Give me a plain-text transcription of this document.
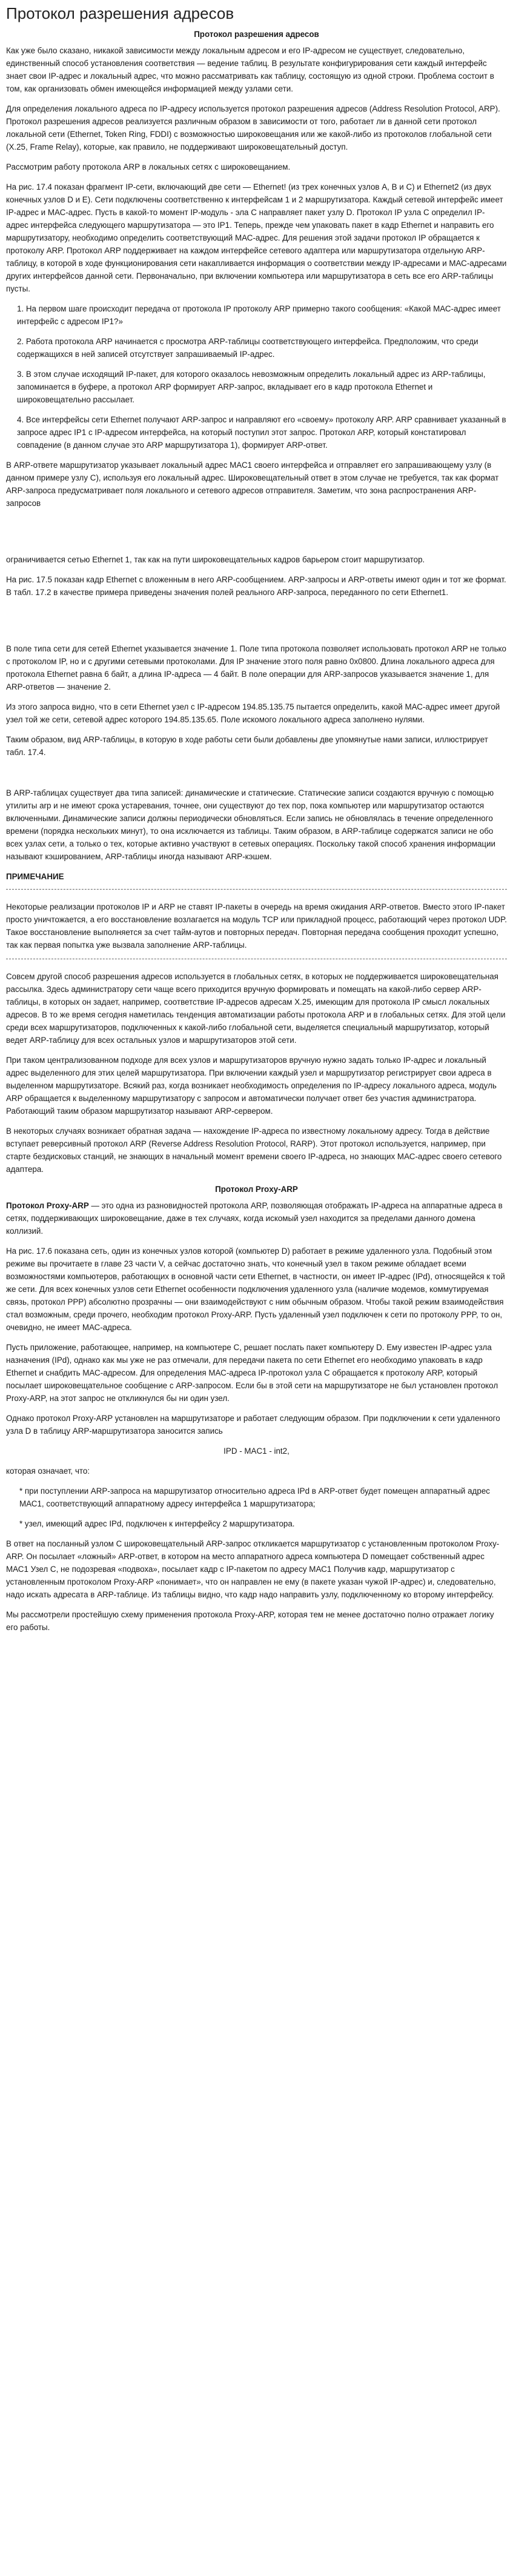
Протокол разрешения адресов
Протокол разрешения адресов

Как уже было сказано, никакой зависимости между локальным адресом и его IP-адресом не существует, следовательно, единственный способ установления соответствия — ведение таблиц. В результате конфигурирования сети каждый интерфейс знает свои IP-адрес и локальный адрес, что можно рассматривать как таблицу, состоящую из одной строки. Проблема состоит в том, как организовать обмен имеющейся информацией между узлами сети.

Для определения локального адреса по IP-адресу используется протокол разрешения адресов (Address Resolution Protocol, ARP). Протокол разрешения адресов реализуется различным образом в зависимости от того, работает ли в данной сети протокол локальной сети (Ethernet, Token Ring, FDDI) с возможностью широковещания или же какой-либо из протоколов глобальной сети (X.25, Frame Relay), которые, как правило, не поддерживают широковещательный доступ.

Рассмотрим работу протокола ARP в локальных сетях с широковещанием.

На рис. 17.4 показан фрагмент IP-сети, включающий две сети — Ethernet! (из трех конечных узлов А, В и С) и Ethernet2 (из двух конечных узлов D и Е). Сети подключены соответственно к интерфейсам 1 и 2 маршрутизатора. Каждый сетевой интерфейс имеет IP-адрес и МАС-адрес. Пусть в какой-то момент IP-модуль - эла С направляет пакет узлу D. Протокол IP узла С определил IP-адрес интерфейса следующего маршрутизатора — это IP1. Теперь, прежде чем упаковать пакет в кадр Ethernet и направить его маршрутизатору, необходимо определить соответствующий МАС-адрес. Для решения этой задачи протокол IP обращается к протоколу ARP. Протокол ARP поддерживает на каждом интерфейсе сетевого адаптера или маршрутизатора отдельную ARP-таблицу, в которой в ходе функционирования сети накапливается информация о соответствии между IP-адресами и МАС-адресами других интерфейсов данной сети. Первоначально, при включении компьютера или маршрутизатора в сеть все его ARP-таблицы пусты.

1. На первом шаге происходит передача от протокола IP протоколу ARP примерно такого сообщения: «Какой МАС-адрес имеет интерфейс с адресом IP1?»

2. Работа протокола ARP начинается с просмотра ARP-таблицы соответствующего интерфейса. Предположим, что среди содержащихся в ней записей отсутствует запрашиваемый IP-адрес.

3. В этом случае исходящий IP-пакет, для которого оказалось невозможным определить локальный адрес из ARP-таблицы, запоминается в буфере, а протокол ARP формирует ARP-запрос, вкладывает его в кадр протокола Ethernet и широковещательно рассылает.

4. Все интерфейсы сети Ethernet получают ARP-запрос и направляют его «своему» протоколу ARP. ARP сравнивает указанный в запросе адрес IP1 с IP-адресом интерфейса, на который поступил этот запрос. Протокол ARP, который констатировал совпадение (в данном случае это ARP маршрутизатора 1), формирует ARP-ответ.

В ARP-ответе маршрутизатор указывает локальный адрес МАС1 своего интерфейса и отправляет его запрашивающему узлу (в данном примере узлу С), используя его локальный адрес. Широковещательный ответ в этом случае не требуется, так как формат ARP-запроса предусматривает поля локального и сетевого адресов отправителя. Заметим, что зона распространения ARP-запросов

ограничивается сетью Ethernet 1, так как на пути широковещательных кадров барьером стоит маршрутизатор.

На рис. 17.5 показан кадр Ethernet с вложенным в него ARP-сообщением. ARP-запросы и ARP-ответы имеют один и тот же формат. В табл. 17.2 в качестве примера приведены значения полей реального ARP-запроса, переданного по сети Ethernet1.

В поле типа сети для сетей Ethernet указывается значение 1. Поле типа протокола позволяет использовать протокол ARP не только с протоколом IP, но и с другими сетевыми протоколами. Для IP значение этого поля равно 0x0800. Длина локального адреса для протокола Ethernet равна 6 байт, а длина IP-адреса — 4 байт. В поле операции для ARP-запросов указывается значение 1, для ARP-ответов — значение 2.

Из этого запроса видно, что в сети Ethernet узел с IP-адресом 194.85.135.75 пытается определить, какой МАС-адрес имеет другой узел той же сети, сетевой адрес которого 194.85.135.65. Поле искомого локального адреса заполнено нулями.

Таким образом, вид ARP-таблицы, в которую в ходе работы сети были добавлены две упомянутые нами записи, иллюстрирует табл. 17.4.

В ARP-таблицах существует два типа записей: динамические и статические. Статические записи создаются вручную с помощью утилиты arp и не имеют срока устаревания, точнее, они существуют до тех пор, пока компьютер или маршрутизатор остаются включенными. Динамические записи должны периодически обновляться. Если запись не обновлялась в течение определенного времени (порядка нескольких минут), то она исключается из таблицы. Таким образом, в ARP-таблице содержатся записи не обо всех узлах сети, а только о тех, которые активно участвуют в сетевых операциях. Поскольку такой способ хранения информации называют кэшированием, ARP-таблицы иногда называют ARP-кэшем.

ПРИМЕЧАНИЕ

Некоторые реализации протоколов IP и ARP не ставят IP-пакеты в очередь на время ожидания ARP-ответов. Вместо этого IP-пакет просто уничтожается, а его восстановление возлагается на модуль TCP или прикладной процесс, работающий через протокол UDP. Такое восстановление выполняется за счет тайм-аутов и повторных передач. Повторная передача сообщения проходит успешно, так как первая попытка уже вызвала заполнение ARP-таблицы.

Совсем другой способ разрешения адресов используется в глобальных сетях, в которых не поддерживается широковещательная рассылка. Здесь администратору сети чаще всего приходится вручную формировать и помещать на какой-либо сервер ARP-таблицы, в которых он задает, например, соответствие IP-адресов адресам Х.25, имеющим для протокола IP смысл локальных адресов. В то же время сегодня наметилась тенденция автоматизации работы протокола ARP и в глобальных сетях. Для этой цели среди всех маршрутизаторов, подключенных к какой-либо глобальной сети, выделяется специальный маршрутизатор, который ведет ARP-таблицу для всех остальных узлов и маршрутизаторов этой сети.

При таком централизованном подходе для всех узлов и маршрутизаторов вручную нужно задать только IP-адрес и локальный адрес выделенного для этих целей маршрутизатора. При включении каждый узел и маршрутизатор регистрирует свои адреса в выделенном маршрутизаторе. Всякий раз, когда возникает необходимость определения по IP-адресу локального адреса, модуль ARP обращается к выделенному маршрутизатору с запросом и автоматически получает ответ без участия администратора. Работающий таким образом маршрутизатор называют ARP-сервером.

В некоторых случаях возникает обратная задача — нахождение IP-адреса по известному локальному адресу. Тогда в действие вступает реверсивный протокол ARP (Reverse Address Resolution Protocol, RARP). Этот протокол используется, например, при старте бездисковых станций, не знающих в начальный момент времени своего IP-адреса, но знающих МАС-адрес своего сетевого адаптера.

Протокол Proxy-ARP

Протокол Proxy-ARP — это одна из разновидностей протокола ARP, позволяющая отображать IP-адреса на аппаратные адреса в сетях, поддерживающих широковещание, даже в тех случаях, когда искомый узел находится за пределами данного домена коллизий.

На рис. 17.6 показана сеть, один из конечных узлов которой (компьютер D) работает в режиме удаленного узла. Подобный этом режиме вы прочитаете в главе 23 части V, а сейчас достаточно знать, что конечный узел в таком режиме обладает всеми возможностями компьютеров, работающих в основной части сети Ethernet, в частности, он имеет IP-адрес (IPd), относящейся к той же сети. Для всех конечных узлов сети Ethernet особенности подключения удаленного узла (наличие модемов, коммутируемая связь, протокол РРР) абсолютно прозрачны — они взаимодействуют с ним обычным образом. Чтобы такой режим взаимодействия стал возможным, среди прочего, необходим протокол Proxy-ARP. Пусть удаленный узел подключен к сети по протоколу PPP, то он, очевидно, не имеет МАС-адреса.

Пусть приложение, работающее, например, на компьютере С, решает послать пакет компьютеру D. Ему известен IP-адрес узла назначения (IPd), однако как мы уже не раз отмечали, для передачи пакета по сети Ethernet его необходимо упаковать в кадр Ethernet и снабдить МАС-адресом. Для определения МАС-адреса IP-протокол узла С обращается к протоколу ARP, который посылает широковещательное сообщение с ARP-запросом. Если бы в этой сети на маршрутизаторе не был установлен протокол Proxy-ARP, на этот запрос не откликнулся бы ни один узел.

Однако протокол Proxy-ARP установлен на маршрутизаторе и работает следующим образом. При подключении к сети удаленного узла D в таблицу ARP-маршрутизатора заносится запись

IPD - MAC1 - int2,

которая означает, что:

* при поступлении ARP-запроса на маршрутизатор относительно адреса IPd в ARP-ответ будет помещен аппаратный адрес МАС1, соответствующий аппаратному адресу интерфейса 1 маршрутизатора;

* узел, имеющий адрес IPd, подключен к интерфейсу 2 маршрутизатора.

В ответ на посланный узлом С широковещательный ARP-запрос откликается маршрутизатор с установленным протоколом Proxy-ARP. Он посылает «ложный» ARP-ответ, в котором на место аппаратного адреса компьютера D помещает собственный адрес МАС1 Узел С, не подозревая «подвоха», посылает кадр с IP-пакетом по адресу МАС1 Получив кадр, маршрутизатор с установленным протоколом Proxy-ARP «понимает», что он направлен не ему (в пакете указан чужой IP-адрес) и, следовательно, надо искать адресата в ARP-таблице. Из таблицы видно, что кадр надо направить узлу, подключенному ко второму интерфейсу.

Мы рассмотрели простейшую схему применения протокола Proxy-ARP, которая тем не менее достаточно полно отражает логику его работы.
